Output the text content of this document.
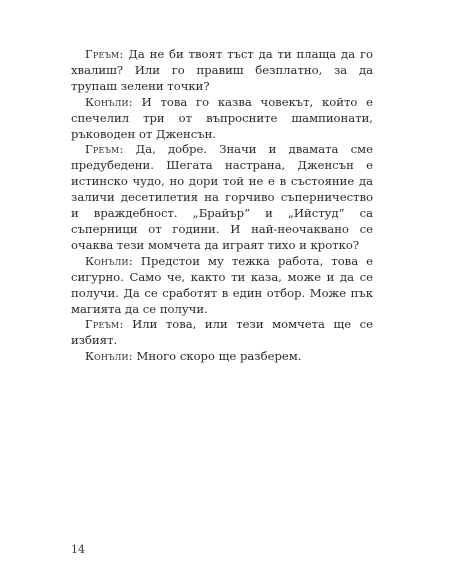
Грeъм: Да не би твоят тъст да ти плаща да го хвалиш? Или го правиш безплатно, за да трупаш зелени точки?

Конъли: И това го казва човекът, който е спечелил три от въпросните шампионати, ръководен от Дженсън.

Грeъм: Да, добре. Значи и двамата сме предубедени. Шегата настрана, Дженсън е истинско чудо, но дори той не е в състояние да заличи десетилетия на горчиво съперничество и враждебност. „Брайър“ и „Ийстуд“ са съперници от години. И най-неочаквано се очаква тези момчета да играят тихо и кротко?

Конъли: Предстои му тежка работа, това е сигурно. Само че, както ти каза, може и да се получи. Да се сработят в един отбор. Може пък магията да се получи.

Грeъм: Или това, или тези момчета ще се избият.

Конъли: Много скоро ще разберем.

14
